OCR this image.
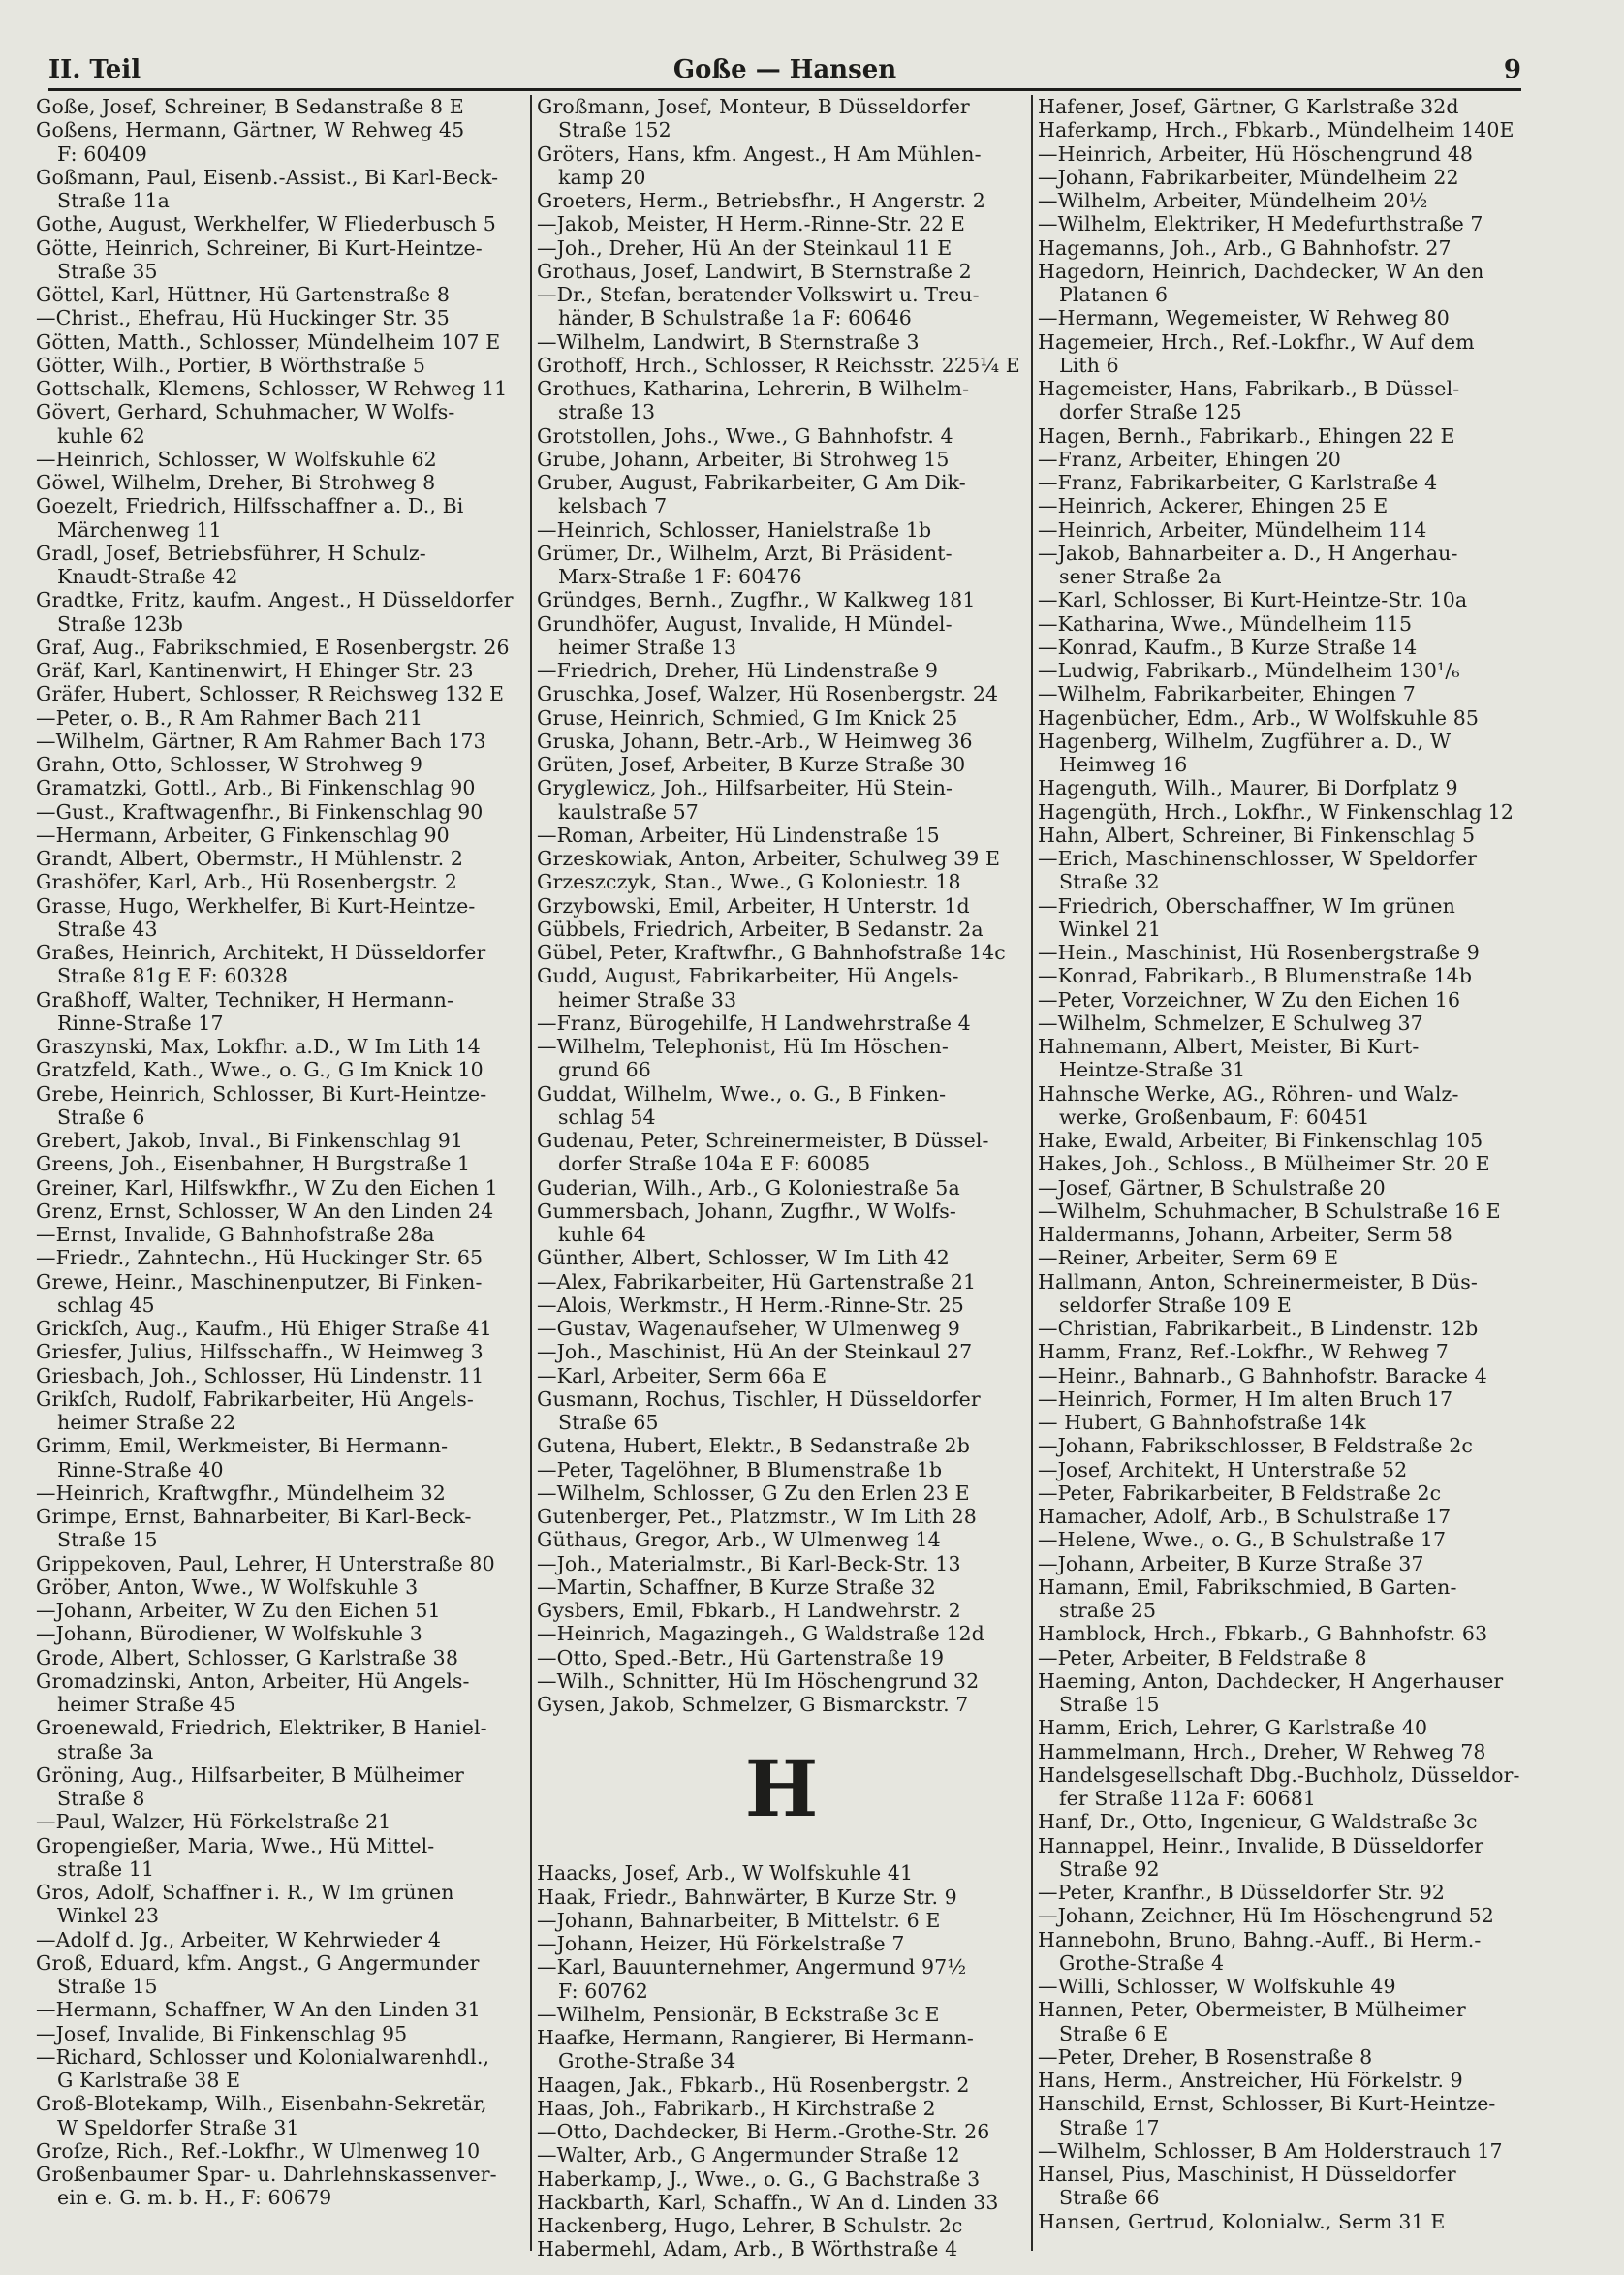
II. Teil	Goße — Hansen	9
Goße, Josef, Schreiner, B Sedanstraße 8 E
Goßens, Hermann, Gärtner, W Rehweg 45
F: 60409
Goßmann, Paul, Eisenb.-Assist., Bi Karl-Beck-
Straße 11a
Gothe, August, Werkhelfer, W Fliederbusch 5
Götte, Heinrich, Schreiner, Bi Kurt-Heintze-
Straße 35
Göttel, Karl, Hüttner, Hü Gartenstraße 8
—Christ., Ehefrau, Hü Huckinger Str. 35
Götten, Matth., Schlosser, Mündelheim 107 E
Götter, Wilh., Portier, B Wörthstraße 5
Gottschalk, Klemens, Schlosser, W Rehweg 11
Gövert, Gerhard, Schuhmacher, W Wolfs-
kuhle 62
—Heinrich, Schlosser, W Wolfskuhle 62
Göwel, Wilhelm, Dreher, Bi Strohweg 8
Goezelt, Friedrich, Hilfsschaffner a. D., Bi
Märchenweg 11
Gradl, Josef, Betriebsführer, H Schulz-
Knaudt-Straße 42
Gradtke, Fritz, kaufm. Angest., H Düsseldorfer
Straße 123b
Graf, Aug., Fabrikschmied, E Rosenbergstr. 26
Gräf, Karl, Kantinenwirt, H Ehinger Str. 23
Gräfer, Hubert, Schlosser, R Reichsweg 132 E
—Peter, o. B., R Am Rahmer Bach 211
—Wilhelm, Gärtner, R Am Rahmer Bach 173
Grahn, Otto, Schlosser, W Strohweg 9
Gramatzki, Gottl., Arb., Bi Finkenschlag 90
—Gust., Kraftwagenfhr., Bi Finkenschlag 90
—Hermann, Arbeiter, G Finkenschlag 90
Grandt, Albert, Obermstr., H Mühlenstr. 2
Grashöfer, Karl, Arb., Hü Rosenbergstr. 2
Grasse, Hugo, Werkhelfer, Bi Kurt-Heintze-
Straße 43
Graßes, Heinrich, Architekt, H Düsseldorfer
Straße 81g E F: 60328
Graßhoff, Walter, Techniker, H Hermann-
Rinne-Straße 17
Graszynski, Max, Lokfhr. a.D., W Im Lith 14
Gratzfeld, Kath., Wwe., o. G., G Im Knick 10
Grebe, Heinrich, Schlosser, Bi Kurt-Heintze-
Straße 6
Grebert, Jakob, Inval., Bi Finkenschlag 91
Greens, Joh., Eisenbahner, H Burgstraße 1
Greiner, Karl, Hilfswkfhr., W Zu den Eichen 1
Grenz, Ernst, Schlosser, W An den Linden 24
—Ernst, Invalide, G Bahnhofstraße 28a
—Friedr., Zahntechn., Hü Huckinger Str. 65
Grewe, Heinr., Maschinenputzer, Bi Finken-
schlag 45
Grickſch, Aug., Kaufm., Hü Ehiger Straße 41
Griesfer, Julius, Hilfsschaffn., W Heimweg 3
Griesbach, Joh., Schlosser, Hü Lindenstr. 11
Grikſch, Rudolf, Fabrikarbeiter, Hü Angels-
heimer Straße 22
Grimm, Emil, Werkmeister, Bi Hermann-
Rinne-Straße 40
—Heinrich, Kraftwgfhr., Mündelheim 32
Grimpe, Ernst, Bahnarbeiter, Bi Karl-Beck-
Straße 15
Grippekoven, Paul, Lehrer, H Unterstraße 80
Gröber, Anton, Wwe., W Wolfskuhle 3
—Johann, Arbeiter, W Zu den Eichen 51
—Johann, Bürodiener, W Wolfskuhle 3
Grode, Albert, Schlosser, G Karlstraße 38
Gromadzinski, Anton, Arbeiter, Hü Angels-
heimer Straße 45
Groenewald, Friedrich, Elektriker, B Haniel-
straße 3a
Gröning, Aug., Hilfsarbeiter, B Mülheimer
Straße 8
—Paul, Walzer, Hü Förkelstraße 21
Gropengießer, Maria, Wwe., Hü Mittel-
straße 11
Gros, Adolf, Schaffner i. R., W Im grünen
Winkel 23
—Adolf d. Jg., Arbeiter, W Kehrwieder 4
Groß, Eduard, kfm. Angst., G Angermunder
Straße 15
—Hermann, Schaffner, W An den Linden 31
—Josef, Invalide, Bi Finkenschlag 95
—Richard, Schlosser und Kolonialwarenhdl.,
G Karlstraße 38 E
Groß-Blotekamp, Wilh., Eisenbahn-Sekretär,
W Speldorfer Straße 31
Groſze, Rich., Ref.-Lokfhr., W Ulmenweg 10
Großenbaumer Spar- u. Dahrlehnskassenver-
ein e. G. m. b. H., F: 60679
Großmann, Josef, Monteur, B Düsseldorfer
Straße 152
Gröters, Hans, kfm. Angest., H Am Mühlen-
kamp 20
Groeters, Herm., Betriebsfhr., H Angerstr. 2
—Jakob, Meister, H Herm.-Rinne-Str. 22 E
—Joh., Dreher, Hü An der Steinkaul 11 E
Grothaus, Josef, Landwirt, B Sternstraße 2
—Dr., Stefan, beratender Volkswirt u. Treu-
händer, B Schulstraße 1a F: 60646
—Wilhelm, Landwirt, B Sternstraße 3
Grothoff, Hrch., Schlosser, R Reichsstr. 225¼ E
Grothues, Katharina, Lehrerin, B Wilhelm-
straße 13
Grotstollen, Johs., Wwe., G Bahnhofstr. 4
Grube, Johann, Arbeiter, Bi Strohweg 15
Gruber, August, Fabrikarbeiter, G Am Dik-
kelsbach 7
—Heinrich, Schlosser, Hanielstraße 1b
Grümer, Dr., Wilhelm, Arzt, Bi Präsident-
Marx-Straße 1 F: 60476
Gründges, Bernh., Zugfhr., W Kalkweg 181
Grundhöfer, August, Invalide, H Mündel-
heimer Straße 13
—Friedrich, Dreher, Hü Lindenstraße 9
Gruschka, Josef, Walzer, Hü Rosenbergstr. 24
Gruse, Heinrich, Schmied, G Im Knick 25
Gruska, Johann, Betr.-Arb., W Heimweg 36
Grüten, Josef, Arbeiter, B Kurze Straße 30
Gryglewicz, Joh., Hilfsarbeiter, Hü Stein-
kaulstraße 57
—Roman, Arbeiter, Hü Lindenstraße 15
Grzeskowiak, Anton, Arbeiter, Schulweg 39 E
Grzeszczyk, Stan., Wwe., G Koloniestr. 18
Grzybowski, Emil, Arbeiter, H Unterstr. 1d
Gübbels, Friedrich, Arbeiter, B Sedanstr. 2a
Gübel, Peter, Kraftwfhr., G Bahnhofstraße 14c
Gudd, August, Fabrikarbeiter, Hü Angels-
heimer Straße 33
—Franz, Bürogehilfe, H Landwehrstraße 4
—Wilhelm, Telephonist, Hü Im Höschen-
grund 66
Guddat, Wilhelm, Wwe., o. G., B Finken-
schlag 54
Gudenau, Peter, Schreinermeister, B Düssel-
dorfer Straße 104a E F: 60085
Guderian, Wilh., Arb., G Koloniestraße 5a
Gummersbach, Johann, Zugfhr., W Wolfs-
kuhle 64
Günther, Albert, Schlosser, W Im Lith 42
—Alex, Fabrikarbeiter, Hü Gartenstraße 21
—Alois, Werkmstr., H Herm.-Rinne-Str. 25
—Gustav, Wagenaufseher, W Ulmenweg 9
—Joh., Maschinist, Hü An der Steinkaul 27
—Karl, Arbeiter, Serm 66a E
Gusmann, Rochus, Tischler, H Düsseldorfer
Straße 65
Gutena, Hubert, Elektr., B Sedanstraße 2b
—Peter, Tagelöhner, B Blumenstraße 1b
—Wilhelm, Schlosser, G Zu den Erlen 23 E
Gutenberger, Pet., Platzmstr., W Im Lith 28
Güthaus, Gregor, Arb., W Ulmenweg 14
—Joh., Materialmstr., Bi Karl-Beck-Str. 13
—Martin, Schaffner, B Kurze Straße 32
Gysbers, Emil, Fbkarb., H Landwehrstr. 2
—Heinrich, Magazingeh., G Waldstraße 12d
—Otto, Sped.-Betr., Hü Gartenstraße 19
—Wilh., Schnitter, Hü Im Höschengrund 32
Gysen, Jakob, Schmelzer, G Bismarckstr. 7
H
Haacks, Josef, Arb., W Wolfskuhle 41
Haak, Friedr., Bahnwärter, B Kurze Str. 9
—Johann, Bahnarbeiter, B Mittelstr. 6 E
—Johann, Heizer, Hü Förkelstraße 7
—Karl, Bauunternehmer, Angermund 97½
F: 60762
—Wilhelm, Pensionär, B Eckstraße 3c E
Haafke, Hermann, Rangierer, Bi Hermann-
Grothe-Straße 34
Haagen, Jak., Fbkarb., Hü Rosenbergstr. 2
Haas, Joh., Fabrikarb., H Kirchstraße 2
—Otto, Dachdecker, Bi Herm.-Grothe-Str. 26
—Walter, Arb., G Angermunder Straße 12
Haberkamp, J., Wwe., o. G., G Bachstraße 3
Hackbarth, Karl, Schaffn., W An d. Linden 33
Hackenberg, Hugo, Lehrer, B Schulstr. 2c
Habermehl, Adam, Arb., B Wörthstraße 4
Hafener, Josef, Gärtner, G Karlstraße 32d
Haferkamp, Hrch., Fbkarb., Mündelheim 140E
—Heinrich, Arbeiter, Hü Höschengrund 48
—Johann, Fabrikarbeiter, Mündelheim 22
—Wilhelm, Arbeiter, Mündelheim 20½
—Wilhelm, Elektriker, H Medefurthstraße 7
Hagemanns, Joh., Arb., G Bahnhofstr. 27
Hagedorn, Heinrich, Dachdecker, W An den
Platanen 6
—Hermann, Wegemeister, W Rehweg 80
Hagemeier, Hrch., Ref.-Lokfhr., W Auf dem
Lith 6
Hagemeister, Hans, Fabrikarb., B Düssel-
dorfer Straße 125
Hagen, Bernh., Fabrikarb., Ehingen 22 E
—Franz, Arbeiter, Ehingen 20
—Franz, Fabrikarbeiter, G Karlstraße 4
—Heinrich, Ackerer, Ehingen 25 E
—Heinrich, Arbeiter, Mündelheim 114
—Jakob, Bahnarbeiter a. D., H Angerhau-
sener Straße 2a
—Karl, Schlosser, Bi Kurt-Heintze-Str. 10a
—Katharina, Wwe., Mündelheim 115
—Konrad, Kaufm., B Kurze Straße 14
—Ludwig, Fabrikarb., Mündelheim 130¹/₆
—Wilhelm, Fabrikarbeiter, Ehingen 7
Hagenbücher, Edm., Arb., W Wolfskuhle 85
Hagenberg, Wilhelm, Zugführer a. D., W
Heimweg 16
Hagenguth, Wilh., Maurer, Bi Dorfplatz 9
Hagengüth, Hrch., Lokfhr., W Finkenschlag 12
Hahn, Albert, Schreiner, Bi Finkenschlag 5
—Erich, Maschinenschlosser, W Speldorfer
Straße 32
—Friedrich, Oberschaffner, W Im grünen
Winkel 21
—Hein., Maschinist, Hü Rosenbergstraße 9
—Konrad, Fabrikarb., B Blumenstraße 14b
—Peter, Vorzeichner, W Zu den Eichen 16
—Wilhelm, Schmelzer, E Schulweg 37
Hahnemann, Albert, Meister, Bi Kurt-
Heintze-Straße 31
Hahnsche Werke, AG., Röhren- und Walz-
werke, Großenbaum, F: 60451
Hake, Ewald, Arbeiter, Bi Finkenschlag 105
Hakes, Joh., Schloss., B Mülheimer Str. 20 E
—Josef, Gärtner, B Schulstraße 20
—Wilhelm, Schuhmacher, B Schulstraße 16 E
Haldermanns, Johann, Arbeiter, Serm 58
—Reiner, Arbeiter, Serm 69 E
Hallmann, Anton, Schreinermeister, B Düs-
seldorfer Straße 109 E
—Christian, Fabrikarbeit., B Lindenstr. 12b
Hamm, Franz, Ref.-Lokfhr., W Rehweg 7
—Heinr., Bahnarb., G Bahnhofstr. Baracke 4
—Heinrich, Former, H Im alten Bruch 17
— Hubert, G Bahnhofstraße 14k
—Johann, Fabrikschlosser, B Feldstraße 2c
—Josef, Architekt, H Unterstraße 52
—Peter, Fabrikarbeiter, B Feldstraße 2c
Hamacher, Adolf, Arb., B Schulstraße 17
—Helene, Wwe., o. G., B Schulstraße 17
—Johann, Arbeiter, B Kurze Straße 37
Hamann, Emil, Fabrikschmied, B Garten-
straße 25
Hamblock, Hrch., Fbkarb., G Bahnhofstr. 63
—Peter, Arbeiter, B Feldstraße 8
Haeming, Anton, Dachdecker, H Angerhauser
Straße 15
Hamm, Erich, Lehrer, G Karlstraße 40
Hammelmann, Hrch., Dreher, W Rehweg 78
Handelsgesellschaft Dbg.-Buchholz, Düsseldor-
fer Straße 112a F: 60681
Hanf, Dr., Otto, Ingenieur, G Waldstraße 3c
Hannappel, Heinr., Invalide, B Düsseldorfer
Straße 92
—Peter, Kranfhr., B Düsseldorfer Str. 92
—Johann, Zeichner, Hü Im Höschengrund 52
Hannebohn, Bruno, Bahng.-Auff., Bi Herm.-
Grothe-Straße 4
—Willi, Schlosser, W Wolfskuhle 49
Hannen, Peter, Obermeister, B Mülheimer
Straße 6 E
—Peter, Dreher, B Rosenstraße 8
Hans, Herm., Anstreicher, Hü Förkelstr. 9
Hanschild, Ernst, Schlosser, Bi Kurt-Heintze-
Straße 17
—Wilhelm, Schlosser, B Am Holderstrauch 17
Hansel, Pius, Maschinist, H Düsseldorfer
Straße 66
Hansen, Gertrud, Kolonialw., Serm 31 E
